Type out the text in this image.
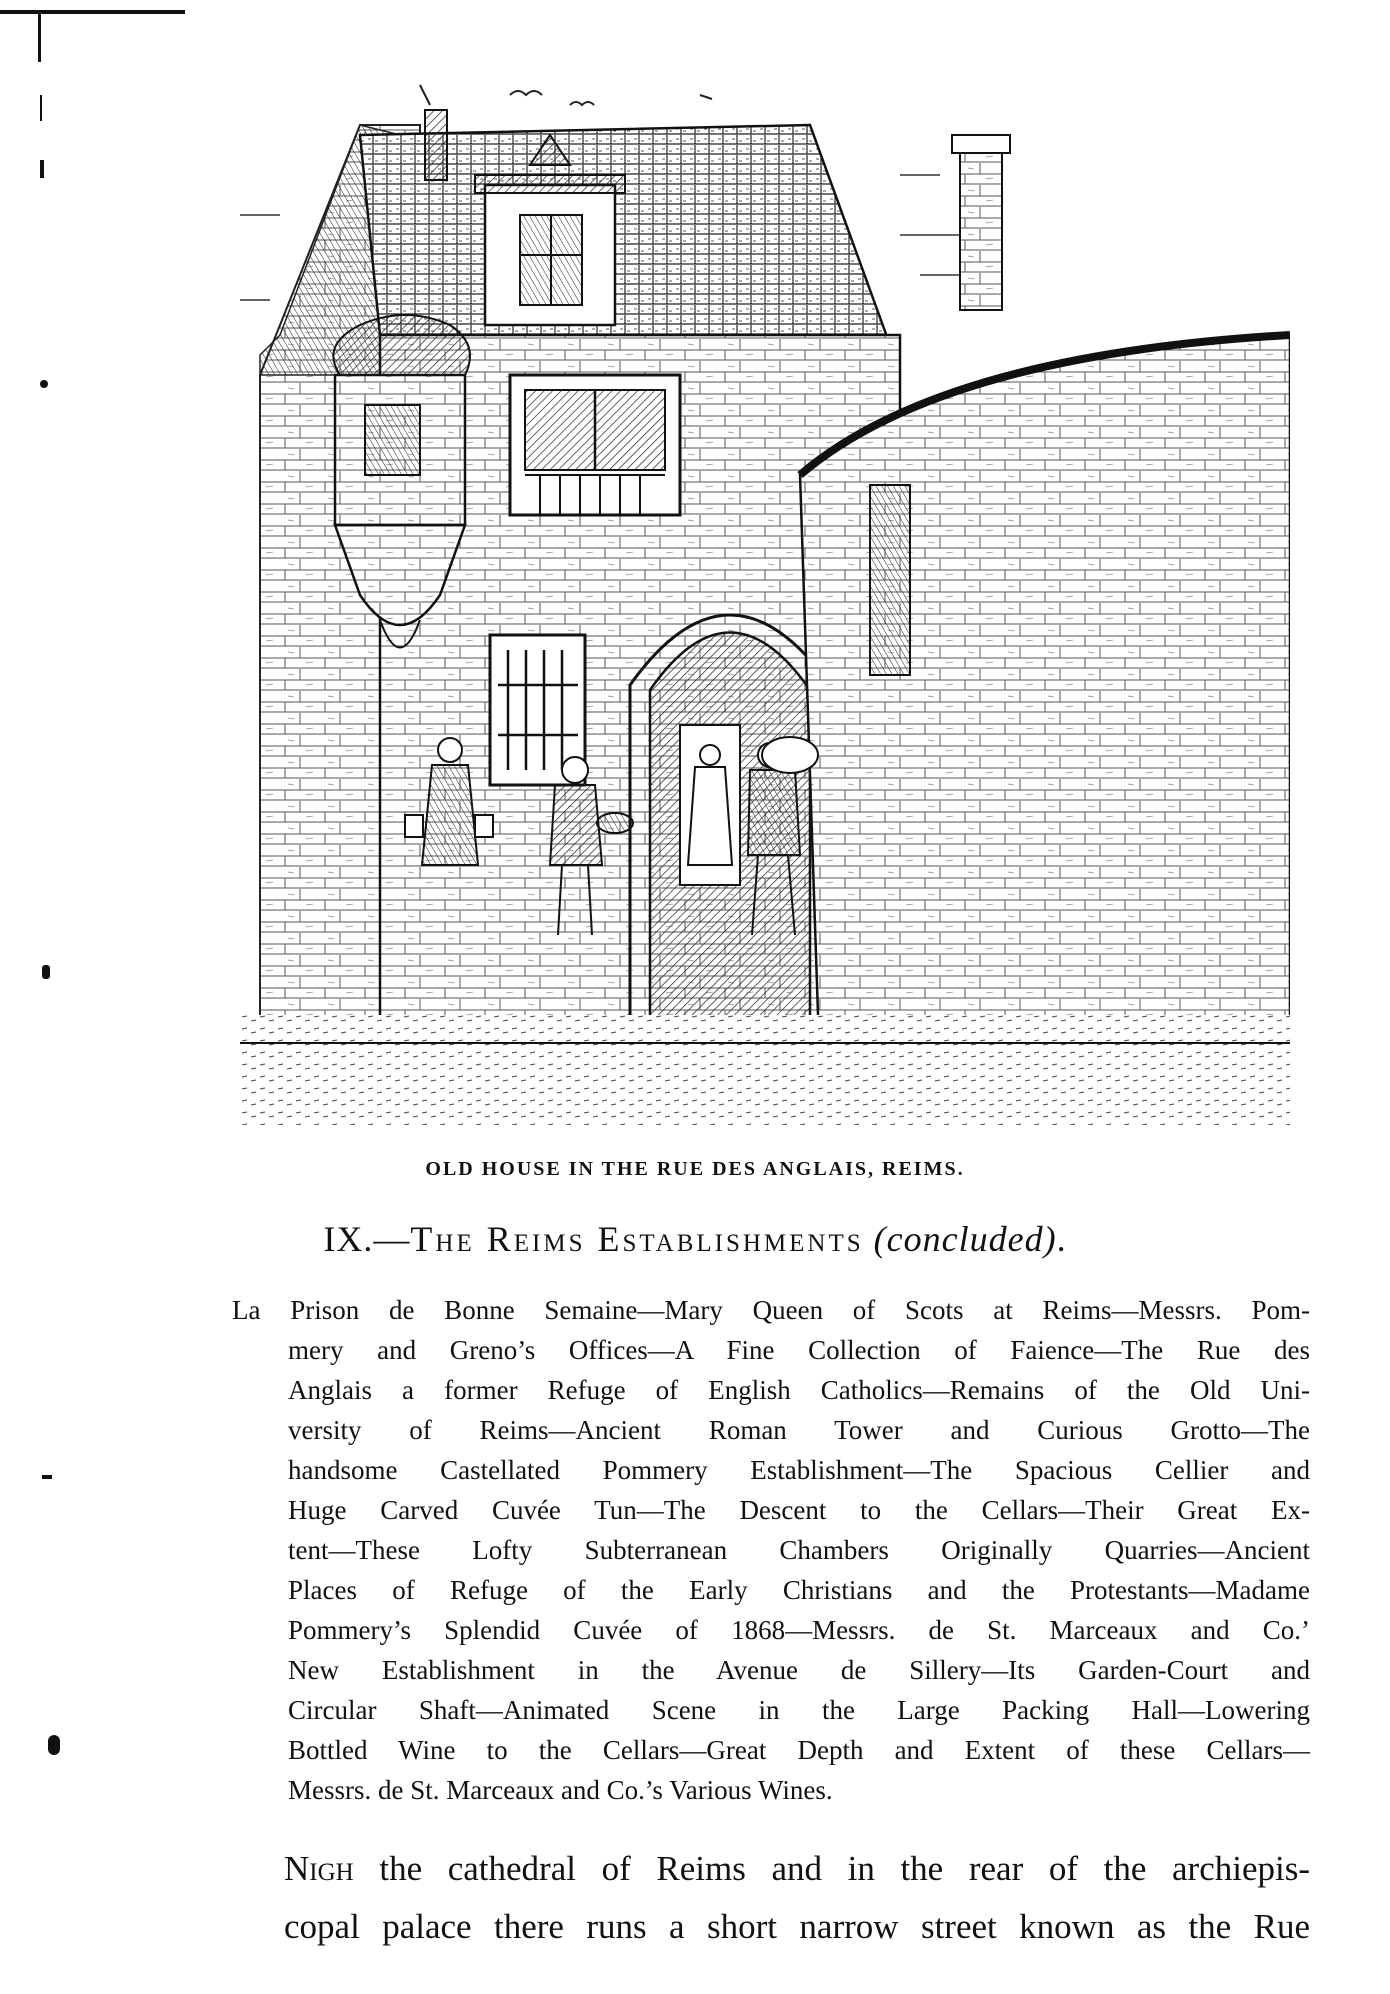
OLD HOUSE IN THE RUE DES ANGLAIS, REIMS.
IX.—The Reims Establishments (concluded).
La Prison de Bonne Semaine—Mary Queen of Scots at Reims—Messrs. Pom-
mery and Greno’s Offices—A Fine Collection of Faience—The Rue des
Anglais a former Refuge of English Catholics—Remains of the Old Uni-
versity of Reims—Ancient Roman Tower and Curious Grotto—The
handsome Castellated Pommery Establishment—The Spacious Cellier and
Huge Carved Cuvée Tun—The Descent to the Cellars—Their Great Ex-
tent—These Lofty Subterranean Chambers Originally Quarries—Ancient
Places of Refuge of the Early Christians and the Protestants—Madame
Pommery’s Splendid Cuvée of 1868—Messrs. de St. Marceaux and Co.’
New Establishment in the Avenue de Sillery—Its Garden-Court and
Circular Shaft—Animated Scene in the Large Packing Hall—Lowering
Bottled Wine to the Cellars—Great Depth and Extent of these Cellars—
Messrs. de St. Marceaux and Co.’s Various Wines.
Nigh the cathedral of Reims and in the rear of the archiepis-
copal palace there runs a short narrow street known as the Rue
